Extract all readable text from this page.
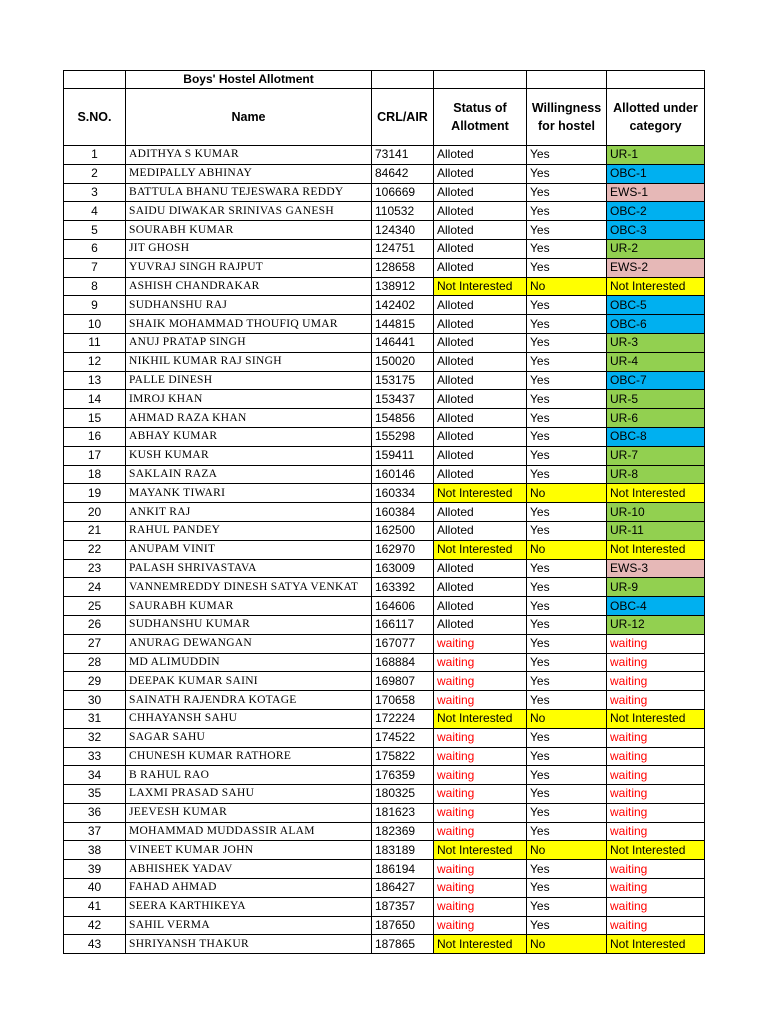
	Boys' Hostel Allotment				
S.NO.	Name	CRL/AIR	Status of Allotment	Willingness for hostel	Allotted under category
1	ADITHYA S KUMAR	73141	Alloted	Yes	UR-1
2	MEDIPALLY ABHINAY	84642	Alloted	Yes	OBC-1
3	BATTULA BHANU TEJESWARA REDDY	106669	Alloted	Yes	EWS-1
4	SAIDU DIWAKAR SRINIVAS GANESH	110532	Alloted	Yes	OBC-2
5	SOURABH KUMAR	124340	Alloted	Yes	OBC-3
6	JIT GHOSH	124751	Alloted	Yes	UR-2
7	YUVRAJ SINGH RAJPUT	128658	Alloted	Yes	EWS-2
8	ASHISH CHANDRAKAR	138912	Not Interested	No	Not Interested
9	SUDHANSHU RAJ	142402	Alloted	Yes	OBC-5
10	SHAIK MOHAMMAD THOUFIQ UMAR	144815	Alloted	Yes	OBC-6
11	ANUJ PRATAP SINGH	146441	Alloted	Yes	UR-3
12	NIKHIL KUMAR RAJ SINGH	150020	Alloted	Yes	UR-4
13	PALLE DINESH	153175	Alloted	Yes	OBC-7
14	IMROJ KHAN	153437	Alloted	Yes	UR-5
15	AHMAD RAZA KHAN	154856	Alloted	Yes	UR-6
16	ABHAY KUMAR	155298	Alloted	Yes	OBC-8
17	KUSH KUMAR	159411	Alloted	Yes	UR-7
18	SAKLAIN RAZA	160146	Alloted	Yes	UR-8
19	MAYANK TIWARI	160334	Not Interested	No	Not Interested
20	ANKIT RAJ	160384	Alloted	Yes	UR-10
21	RAHUL PANDEY	162500	Alloted	Yes	UR-11
22	ANUPAM VINIT	162970	Not Interested	No	Not Interested
23	PALASH SHRIVASTAVA	163009	Alloted	Yes	EWS-3
24	VANNEMREDDY DINESH SATYA VENKAT	163392	Alloted	Yes	UR-9
25	SAURABH KUMAR	164606	Alloted	Yes	OBC-4
26	SUDHANSHU KUMAR	166117	Alloted	Yes	UR-12
27	ANURAG DEWANGAN	167077	waiting	Yes	waiting
28	MD ALIMUDDIN	168884	waiting	Yes	waiting
29	DEEPAK KUMAR SAINI	169807	waiting	Yes	waiting
30	SAINATH RAJENDRA KOTAGE	170658	waiting	Yes	waiting
31	CHHAYANSH SAHU	172224	Not Interested	No	Not Interested
32	SAGAR SAHU	174522	waiting	Yes	waiting
33	CHUNESH KUMAR RATHORE	175822	waiting	Yes	waiting
34	B RAHUL RAO	176359	waiting	Yes	waiting
35	LAXMI PRASAD SAHU	180325	waiting	Yes	waiting
36	JEEVESH KUMAR	181623	waiting	Yes	waiting
37	MOHAMMAD MUDDASSIR ALAM	182369	waiting	Yes	waiting
38	VINEET KUMAR JOHN	183189	Not Interested	No	Not Interested
39	ABHISHEK YADAV	186194	waiting	Yes	waiting
40	FAHAD AHMAD	186427	waiting	Yes	waiting
41	SEERA KARTHIKEYA	187357	waiting	Yes	waiting
42	SAHIL VERMA	187650	waiting	Yes	waiting
43	SHRIYANSH THAKUR	187865	Not Interested	No	Not Interested
